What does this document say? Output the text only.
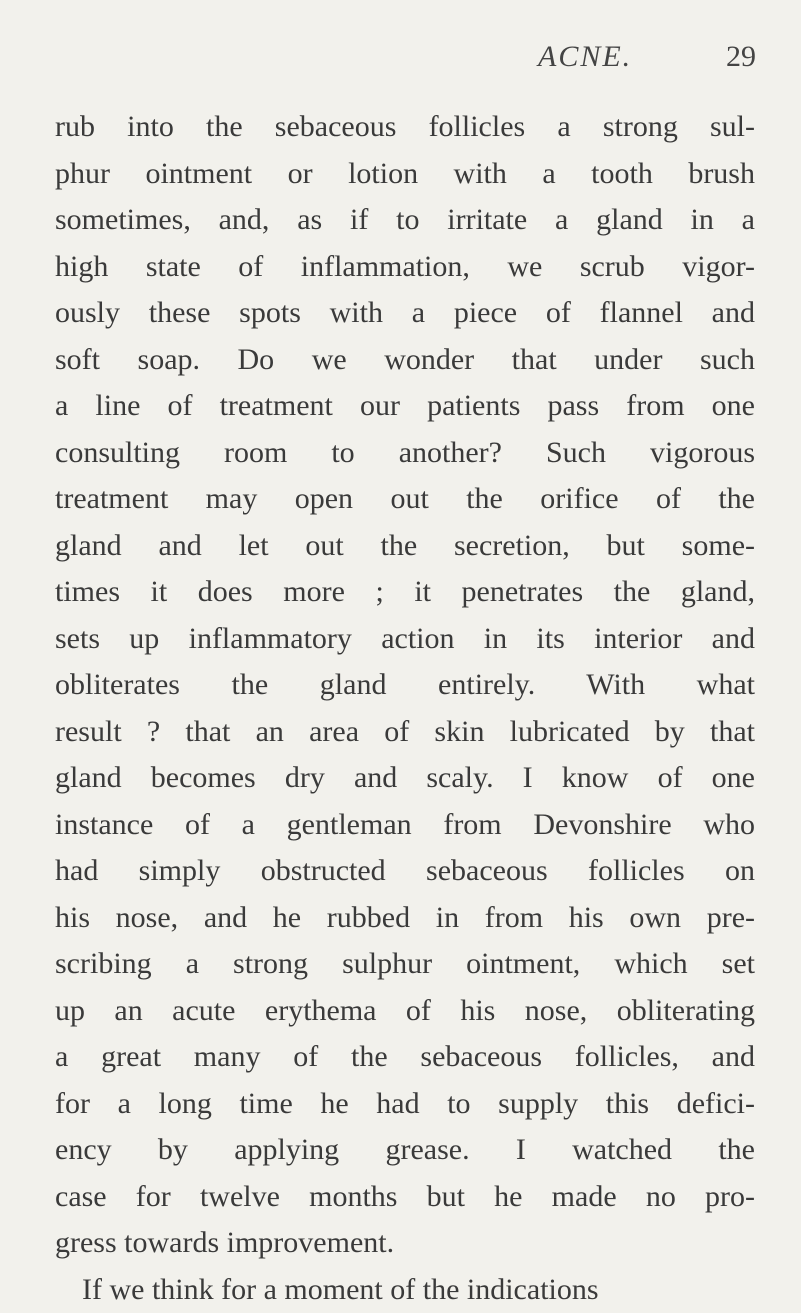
ACNE.	29
rub into the sebaceous follicles a strong sul-
phur ointment or lotion with a tooth brush
sometimes, and, as if to irritate a gland in a
high state of inflammation, we scrub vigor-
ously these spots with a piece of flannel and
soft soap. Do we wonder that under such
a line of treatment our patients pass from one
consulting room to another? Such vigorous
treatment may open out the orifice of the
gland and let out the secretion, but some-
times it does more ; it penetrates the gland,
sets up inflammatory action in its interior and
obliterates the gland entirely. With what
result ? that an area of skin lubricated by that
gland becomes dry and scaly. I know of one
instance of a gentleman from Devonshire who
had simply obstructed sebaceous follicles on
his nose, and he rubbed in from his own pre-
scribing a strong sulphur ointment, which set
up an acute erythema of his nose, obliterating
a great many of the sebaceous follicles, and
for a long time he had to supply this defici-
ency by applying grease. I watched the
case for twelve months but he made no pro-
gress towards improvement.
If we think for a moment of the indications
